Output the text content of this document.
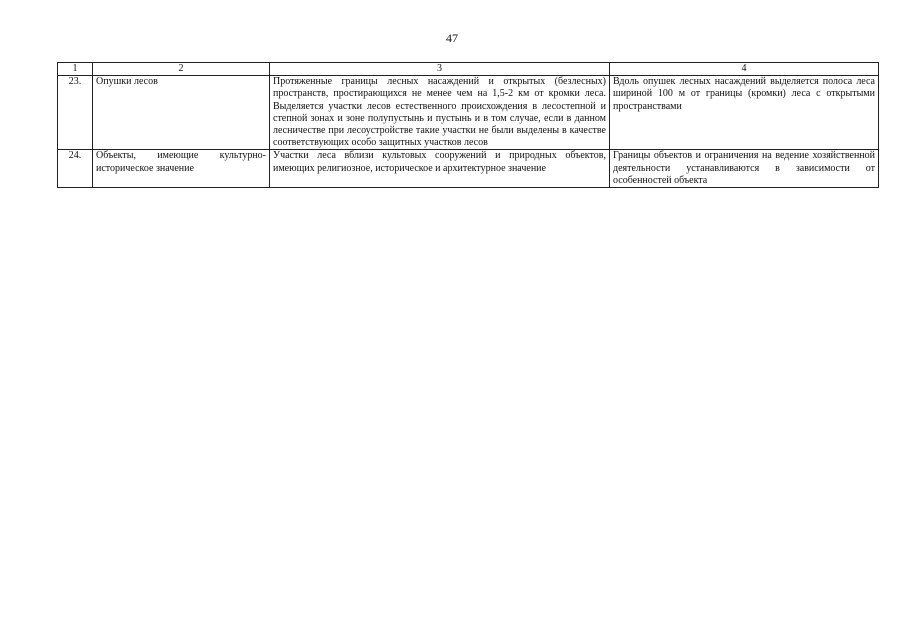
47
1	2	3	4
23.	Опушки лесов	Протяженные границы лесных насаждений и открытых (безлесных) пространств, простирающихся не менее чем на 1,5-2 км от кромки леса. Выделяется участки лесов естественного происхождения в лесостепной и степной зонах и зоне полупустынь и пустынь и в том случае, если в данном лесничестве при лесоустройстве такие участки не были выделены в качестве соответствующих особо защитных участков лесов	Вдоль опушек лесных насаждений выделяется полоса леса шириной 100 м от границы (кромки) леса с открытыми пространствами
24.	Объекты, имеющие культурно-историческое значение	Участки леса вблизи культовых сооружений и природных объектов, имеющих религиозное, историческое и архитектурное значение	Границы объектов и ограничения на ведение хозяйственной деятельности устанавливаются в зависимости от особенностей объекта
